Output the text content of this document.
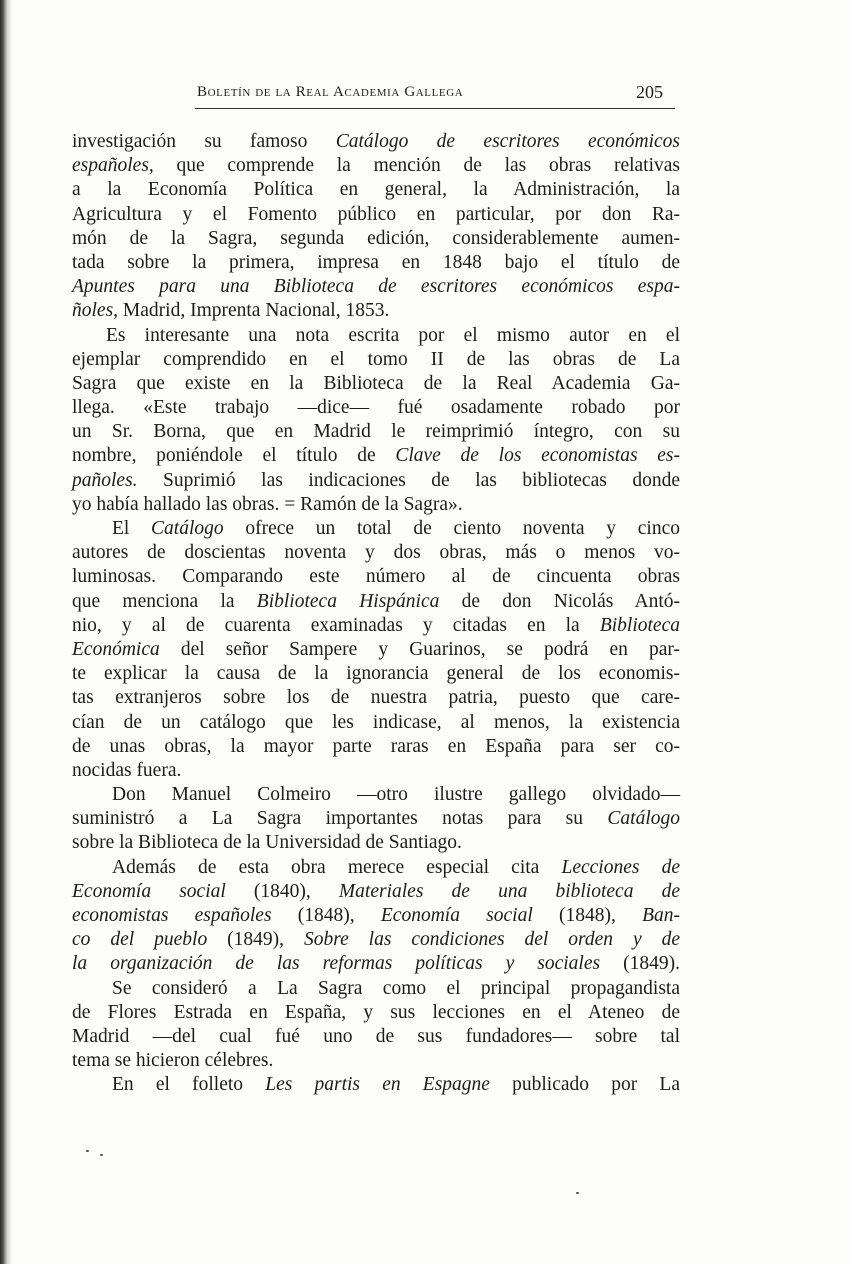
Boletín de la Real Academia Gallega	205
investigación su famoso Catálogo de escritores económicos
españoles, que comprende la mención de las obras relativas
a la Economía Política en general, la Administración, la
Agricultura y el Fomento público en particular, por don Ra-
món de la Sagra, segunda edición, considerablemente aumen-
tada sobre la primera, impresa en 1848 bajo el título de
Apuntes para una Biblioteca de escritores económicos espa-
ñoles, Madrid, Imprenta Nacional, 1853.
Es interesante una nota escrita por el mismo autor en el
ejemplar comprendido en el tomo II de las obras de La
Sagra que existe en la Biblioteca de la Real Academia Ga-
llega. «Este trabajo —dice— fué osadamente robado por
un Sr. Borna, que en Madrid le reimprimió íntegro, con su
nombre, poniéndole el título de Clave de los economistas es-
pañoles. Suprimió las indicaciones de las bibliotecas donde
yo había hallado las obras. = Ramón de la Sagra».
El Catálogo ofrece un total de ciento noventa y cinco
autores de doscientas noventa y dos obras, más o menos vo-
luminosas. Comparando este número al de cincuenta obras
que menciona la Biblioteca Hispánica de don Nicolás Antó-
nio, y al de cuarenta examinadas y citadas en la Biblioteca
Económica del señor Sampere y Guarinos, se podrá en par-
te explicar la causa de la ignorancia general de los economis-
tas extranjeros sobre los de nuestra patria, puesto que care-
cían de un catálogo que les indicase, al menos, la existencia
de unas obras, la mayor parte raras en España para ser co-
nocidas fuera.
Don Manuel Colmeiro —otro ilustre gallego olvidado—
suministró a La Sagra importantes notas para su Catálogo
sobre la Biblioteca de la Universidad de Santiago.
Además de esta obra merece especial cita Lecciones de
Economía social (1840), Materiales de una biblioteca de
economistas españoles (1848), Economía social (1848), Ban-
co del pueblo (1849), Sobre las condiciones del orden y de
la organización de las reformas políticas y sociales (1849).
Se consideró a La Sagra como el principal propagandista
de Flores Estrada en España, y sus lecciones en el Ateneo de
Madrid —del cual fué uno de sus fundadores— sobre tal
tema se hicieron célebres.
En el folleto Les partis en Espagne publicado por La
